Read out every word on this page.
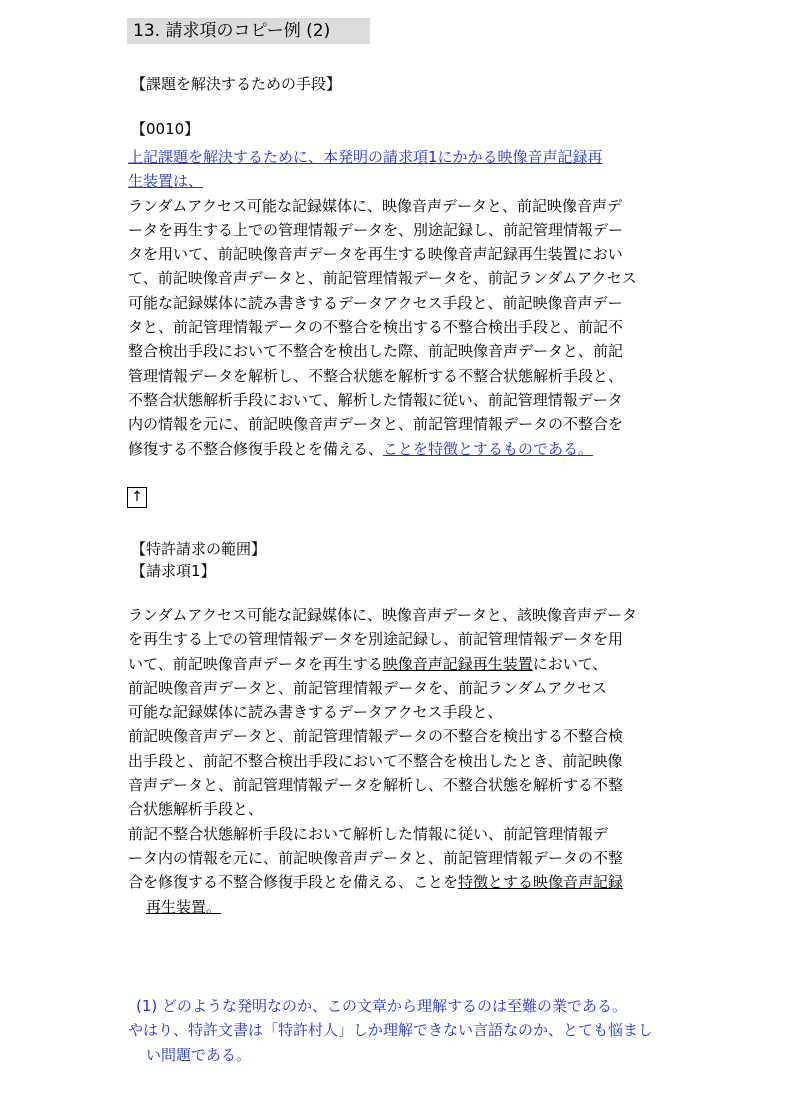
13. 請求項のコピー例 (2)
【課題を解決するための手段】
【0010】
上記課題を解決するために、本発明の請求項1にかかる映像音声記録再
生装置は、
ランダムアクセス可能な記録媒体に、映像音声データと、前記映像音声デ
ータを再生する上での管理情報データを、別途記録し、前記管理情報デー
タを用いて、前記映像音声データを再生する映像音声記録再生装置におい
て、前記映像音声データと、前記管理情報データを、前記ランダムアクセス
可能な記録媒体に読み書きするデータアクセス手段と、前記映像音声デー
タと、前記管理情報データの不整合を検出する不整合検出手段と、前記不
整合検出手段において不整合を検出した際、前記映像音声データと、前記
管理情報データを解析し、不整合状態を解析する不整合状態解析手段と、
不整合状態解析手段において、解析した情報に従い、前記管理情報データ
内の情報を元に、前記映像音声データと、前記管理情報データの不整合を
修復する不整合修復手段とを備える、ことを特徴とするものである。
↑
【特許請求の範囲】
【請求項1】
ランダムアクセス可能な記録媒体に、映像音声データと、該映像音声データ
を再生する上での管理情報データを別途記録し、前記管理情報データを用
いて、前記映像音声データを再生する映像音声記録再生装置において、
前記映像音声データと、前記管理情報データを、前記ランダムアクセス
可能な記録媒体に読み書きするデータアクセス手段と、
前記映像音声データと、前記管理情報データの不整合を検出する不整合検
出手段と、前記不整合検出手段において不整合を検出したとき、前記映像
音声データと、前記管理情報データを解析し、不整合状態を解析する不整
合状態解析手段と、
前記不整合状態解析手段において解析した情報に従い、前記管理情報デ
ータ内の情報を元に、前記映像音声データと、前記管理情報データの不整
合を修復する不整合修復手段とを備える、ことを特徴とする映像音声記録
再生装置。
(1) どのような発明なのか、この文章から理解するのは至難の業である。
やはり、特許文書は「特許村人」しか理解できない言語なのか、とても悩まし
い問題である。
